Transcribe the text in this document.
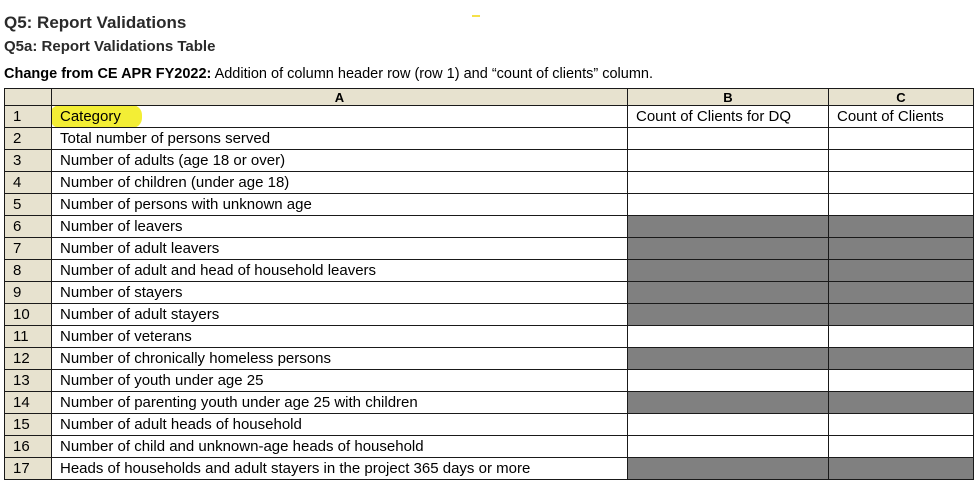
Q5: Report Validations
Q5a: Report Validations Table
Change from CE APR FY2022: Addition of column header row (row 1) and “count of clients” column.
	A	B	C
1	Category	Count of Clients for DQ	Count of Clients
2	Total number of persons served		
3	Number of adults (age 18 or over)		
4	Number of children (under age 18)		
5	Number of persons with unknown age		
6	Number of leavers		
7	Number of adult leavers		
8	Number of adult and head of household leavers		
9	Number of stayers		
10	Number of adult stayers		
11	Number of veterans		
12	Number of chronically homeless persons		
13	Number of youth under age 25		
14	Number of parenting youth under age 25 with children		
15	Number of adult heads of household		
16	Number of child and unknown-age heads of household		
17	Heads of households and adult stayers in the project 365 days or more		
